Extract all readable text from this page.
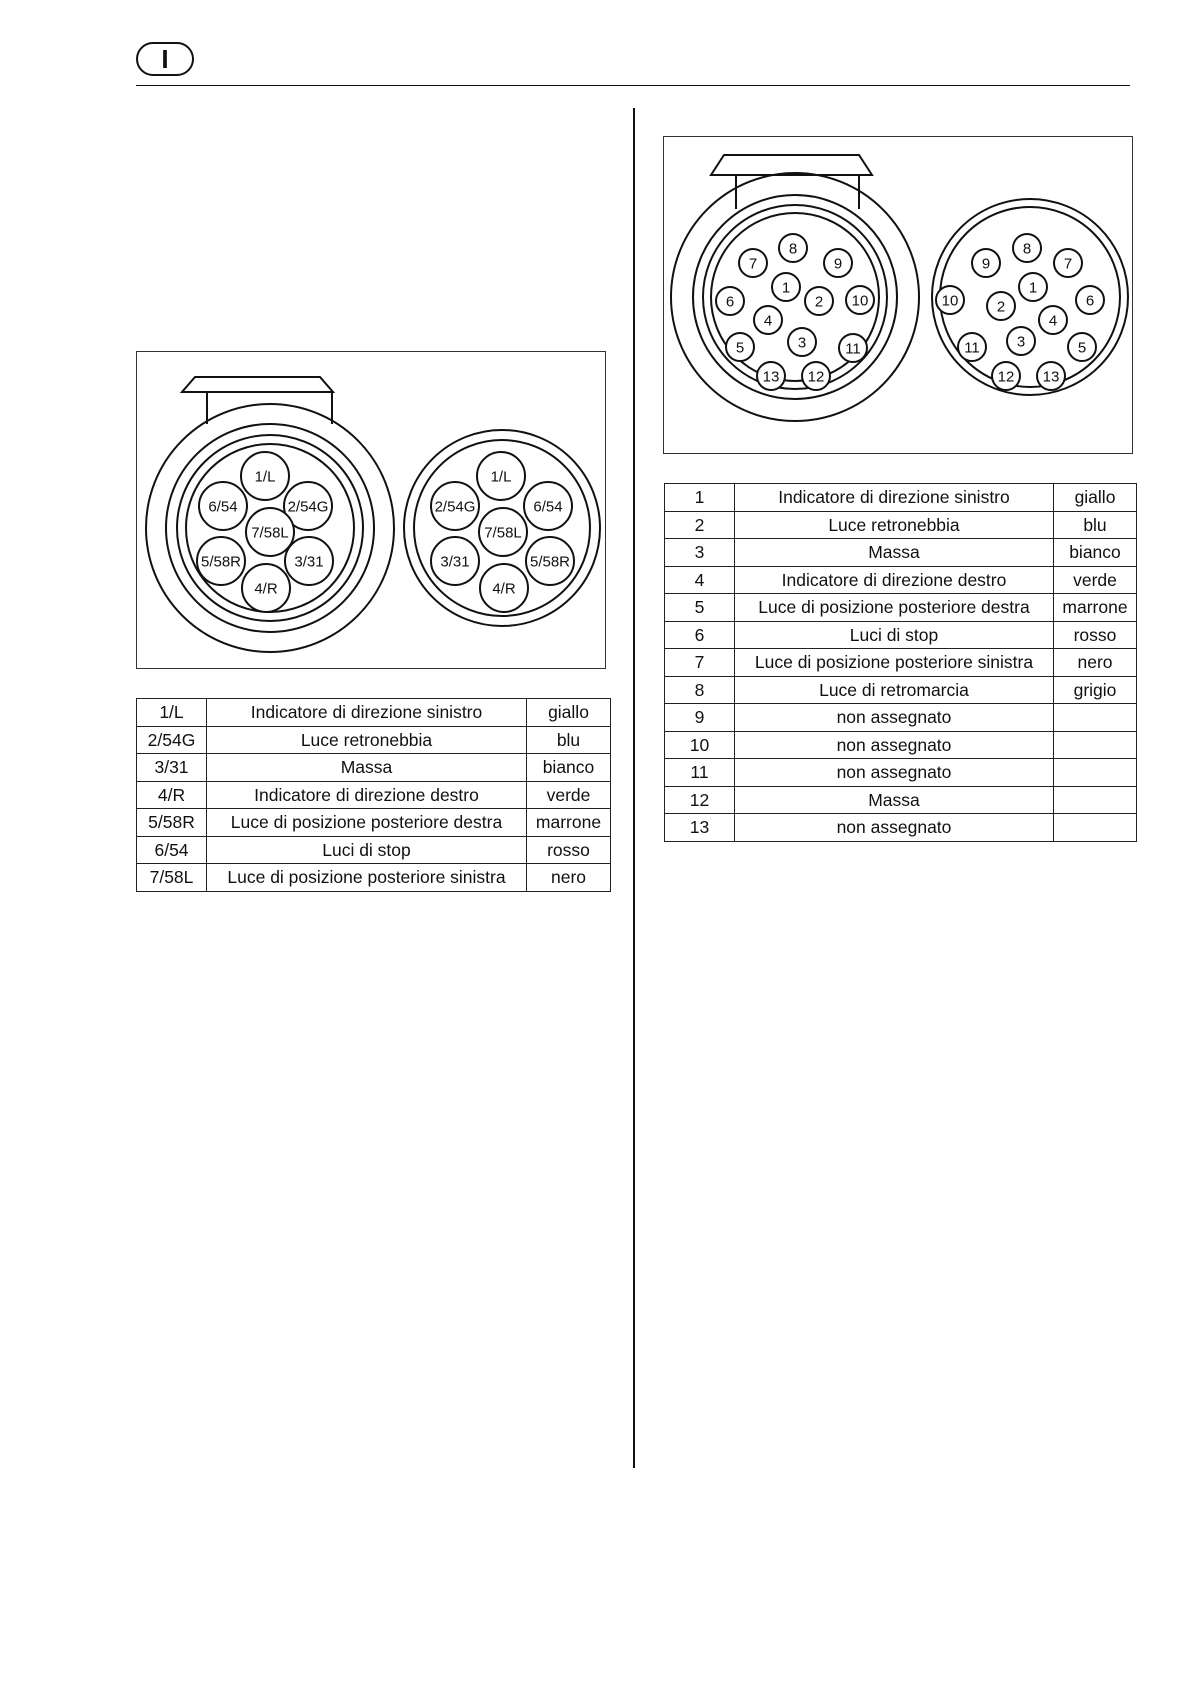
I
1/L
6/54	2/54G
7/58L
5/58R	3/31
4/R
1/L
2/54G	6/54
7/58L
3/31	5/58R
4/R
8
7	9
1
6	2 10
4
3
5	11
13 12
8
9	7
1
10	2
4
6
3
11	5
12 13
1/L	Indicatore di direzione sinistro	giallo
2/54G	Luce retronebbia	blu
3/31	Massa	bianco
4/R	Indicatore di direzione destro	verde
5/58R	Luce di posizione posteriore destra	marrone
6/54	Luci di stop	rosso
7/58L	Luce di posizione posteriore sinistra	nero
1	Indicatore di direzione sinistro	giallo
2	Luce retronebbia	blu
3	Massa	bianco
4	Indicatore di direzione destro	verde
5	Luce di posizione posteriore destra	marrone
6	Luci di stop	rosso
7	Luce di posizione posteriore sinistra	nero
8	Luce di retromarcia	grigio
9	non assegnato	
10	non assegnato	
11	non assegnato	
12	Massa	
13	non assegnato	
